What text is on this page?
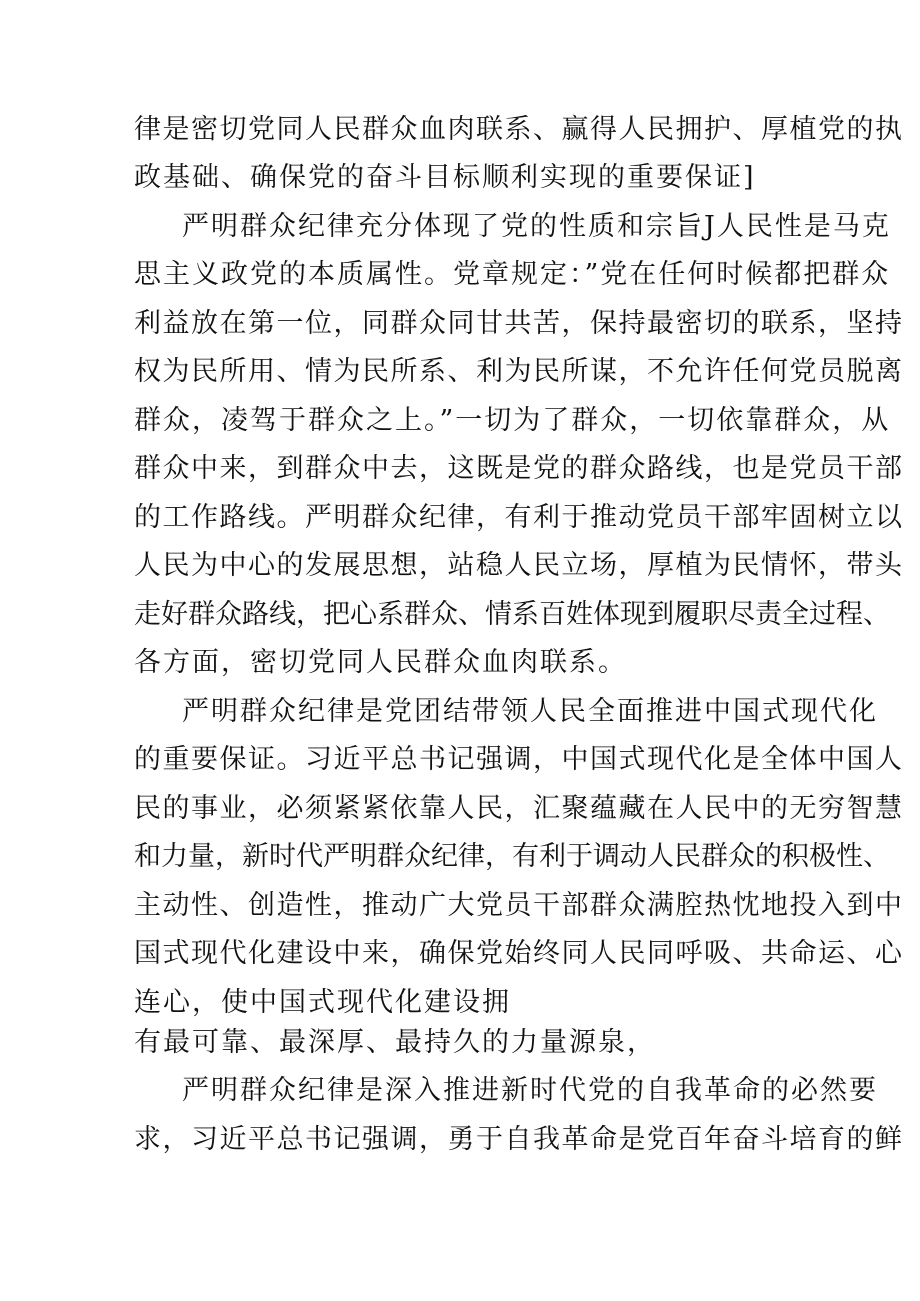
律是密切党同人民群众血肉联系、赢得人民拥护、厚植党的执
政基础、确保党的奋斗目标顺利实现的重要保证]
严明群众纪律充分体现了党的性质和宗旨J人民性是马克
思主义政党的本质属性。党章规定：”党在任何时候都把群众
利益放在第一位，同群众同甘共苦，保持最密切的联系，坚持
权为民所用、情为民所系、利为民所谋，不允许任何党员脱离
群众，凌驾于群众之上。”一切为了群众，一切依靠群众，从
群众中来，到群众中去，这既是党的群众路线，也是党员干部
的工作路线。严明群众纪律，有利于推动党员干部牢固树立以
人民为中心的发展思想，站稳人民立场，厚植为民情怀，带头
走好群众路线，把心系群众、情系百姓体现到履职尽责全过程、
各方面，密切党同人民群众血肉联系。
严明群众纪律是党团结带领人民全面推进中国式现代化
的重要保证。习近平总书记强调，中国式现代化是全体中国人
民的事业，必须紧紧依靠人民，汇聚蕴藏在人民中的无穷智慧
和力量，新时代严明群众纪律，有利于调动人民群众的积极性、
主动性、创造性，推动广大党员干部群众满腔热忱地投入到中
国式现代化建设中来，确保党始终同人民同呼吸、共命运、心
连心，使中国式现代化建设拥
有最可靠、最深厚、最持久的力量源泉，
严明群众纪律是深入推进新时代党的自我革命的必然要
求，习近平总书记强调，勇于自我革命是党百年奋斗培育的鲜
